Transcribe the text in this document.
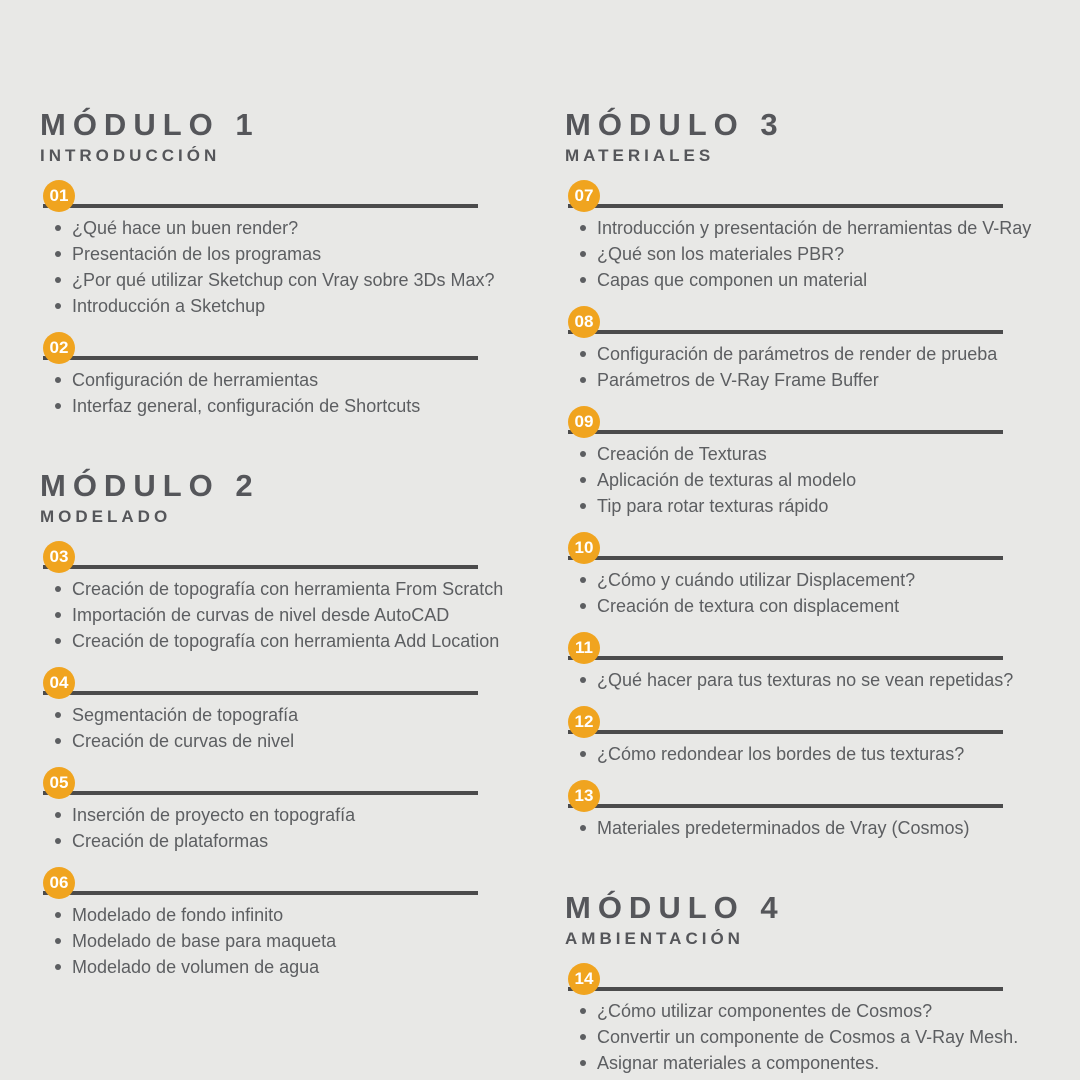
MÓDULO 1
INTRODUCCIÓN
01
¿Qué hace un buen render?
Presentación de los programas
¿Por qué utilizar Sketchup con Vray sobre 3Ds Max?
Introducción a Sketchup
02
Configuración de herramientas
Interfaz general, configuración de Shortcuts
MÓDULO 2
MODELADO
03
Creación de topografía con herramienta From Scratch
Importación de curvas de nivel desde AutoCAD
Creación de topografía con herramienta Add Location
04
Segmentación de topografía
Creación de curvas de nivel
05
Inserción de proyecto en topografía
Creación de plataformas
06
Modelado de fondo infinito
Modelado de base para maqueta
Modelado de volumen de agua
MÓDULO 3
MATERIALES
07
Introducción y presentación de herramientas de V-Ray
¿Qué son los materiales PBR?
Capas que componen un material
08
Configuración de parámetros de render de prueba
Parámetros de V-Ray Frame Buffer
09
Creación de Texturas
Aplicación de texturas al modelo
Tip para rotar texturas rápido
10
¿Cómo y cuándo utilizar Displacement?
Creación de textura con displacement
11
¿Qué hacer para tus texturas no se vean repetidas?
12
¿Cómo redondear los bordes de tus texturas?
13
Materiales predeterminados de Vray (Cosmos)
MÓDULO 4
AMBIENTACIÓN
14
¿Cómo utilizar componentes de Cosmos?
Convertir un componente de Cosmos a V-Ray Mesh.
Asignar materiales a componentes.
